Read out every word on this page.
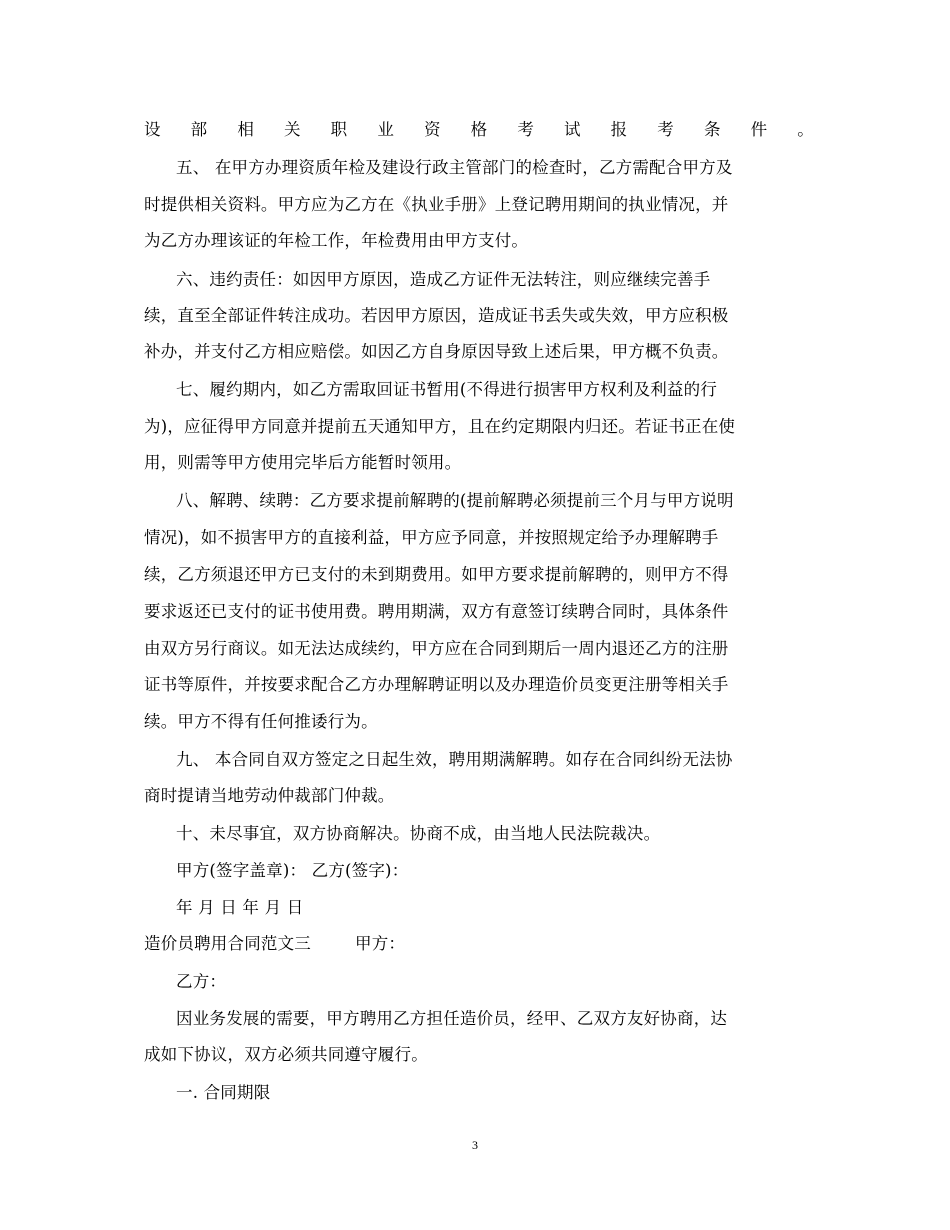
设部相关职业资格考试报考条件。
五、 在甲方办理资质年检及建设行政主管部门的检查时，乙方需配合甲方及
时提供相关资料。甲方应为乙方在《执业手册》上登记聘用期间的执业情况，并
为乙方办理该证的年检工作，年检费用由甲方支付。
六、违约责任：如因甲方原因，造成乙方证件无法转注，则应继续完善手
续，直至全部证件转注成功。若因甲方原因，造成证书丢失或失效，甲方应积极
补办，并支付乙方相应赔偿。如因乙方自身原因导致上述后果，甲方概不负责。
七、履约期内，如乙方需取回证书暂用(不得进行损害甲方权利及利益的行
为)，应征得甲方同意并提前五天通知甲方，且在约定期限内归还。若证书正在使
用，则需等甲方使用完毕后方能暂时领用。
八、解聘、续聘：乙方要求提前解聘的(提前解聘必须提前三个月与甲方说明
情况)，如不损害甲方的直接利益，甲方应予同意，并按照规定给予办理解聘手
续，乙方须退还甲方已支付的未到期费用。如甲方要求提前解聘的，则甲方不得
要求返还已支付的证书使用费。聘用期满，双方有意签订续聘合同时，具体条件
由双方另行商议。如无法达成续约，甲方应在合同到期后一周内退还乙方的注册
证书等原件，并按要求配合乙方办理解聘证明以及办理造价员变更注册等相关手
续。甲方不得有任何推诿行为。
九、 本合同自双方签定之日起生效，聘用期满解聘。如存在合同纠纷无法协
商时提请当地劳动仲裁部门仲裁。
十、未尽事宜，双方协商解决。协商不成，由当地人民法院裁决。
甲方(签字盖章)： 乙方(签字)：
年 月 日 年 月 日
造价员聘用合同范文三	甲方：
乙方：
因业务发展的需要，甲方聘用乙方担任造价员，经甲、乙双方友好协商，达
成如下协议，双方必须共同遵守履行。
一. 合同期限
3
